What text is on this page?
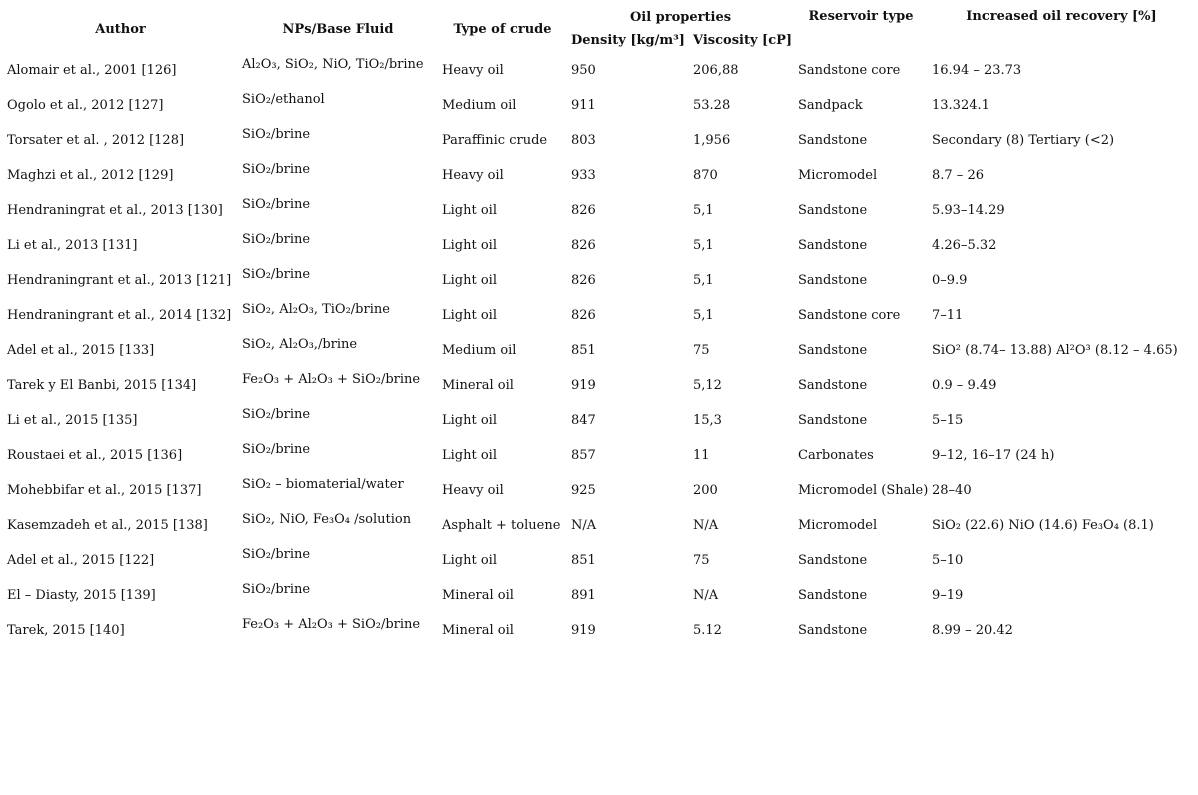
Author	NPs/Base Fluid	Type of crude	Oil properties		Reservoir type	Increased oil recovery [%]
			Density [kg/m³]	Viscosity [cP]		
Alomair et al., 2001 [126]	Al₂O₃, SiO₂, NiO, TiO₂/brine	Heavy oil	950	206,88	Sandstone core	16.94 – 23.73
Ogolo et al., 2012 [127]	SiO₂/ethanol	Medium oil	911	53.28	Sandpack	13.324.1
Torsater et al. , 2012 [128]	SiO₂/brine	Paraffinic crude	803	1,956	Sandstone	Secondary (8) Tertiary (<2)
Maghzi et al., 2012 [129]	SiO₂/brine	Heavy oil	933	870	Micromodel	8.7 – 26
Hendraningrat et al., 2013 [130]	SiO₂/brine	Light oil	826	5,1	Sandstone	5.93–14.29
Li et al., 2013 [131]	SiO₂/brine	Light oil	826	5,1	Sandstone	4.26–5.32
Hendraningrant et al., 2013 [121]	SiO₂/brine	Light oil	826	5,1	Sandstone	0–9.9
Hendraningrant et al., 2014 [132]	SiO₂, Al₂O₃, TiO₂/brine	Light oil	826	5,1	Sandstone core	7–11
Adel et al., 2015 [133]	SiO₂, Al₂O₃,/brine	Medium oil	851	75	Sandstone	SiO² (8.74– 13.88) Al²O³ (8.12 – 4.65)
Tarek y El Banbi, 2015 [134]	Fe₂O₃ + Al₂O₃ + SiO₂/brine	Mineral oil	919	5,12	Sandstone	0.9 – 9.49
Li et al., 2015 [135]	SiO₂/brine	Light oil	847	15,3	Sandstone	5–15
Roustaei et al., 2015 [136]	SiO₂/brine	Light oil	857	11	Carbonates	9–12, 16–17 (24 h)
Mohebbifar et al., 2015 [137]	SiO₂ – biomaterial/water	Heavy oil	925	200	Micromodel (Shale)	28–40
Kasemzadeh et al., 2015 [138]	SiO₂, NiO, Fe₃O₄ /solution	Asphalt + toluene	N/A	N/A	Micromodel	SiO₂ (22.6) NiO (14.6) Fe₃O₄ (8.1)
Adel et al., 2015 [122]	SiO₂/brine	Light oil	851	75	Sandstone	5–10
El – Diasty, 2015 [139]	SiO₂/brine	Mineral oil	891	N/A	Sandstone	9–19
Tarek, 2015 [140]	Fe₂O₃ + Al₂O₃ + SiO₂/brine	Mineral oil	919	5.12	Sandstone	8.99 – 20.42
